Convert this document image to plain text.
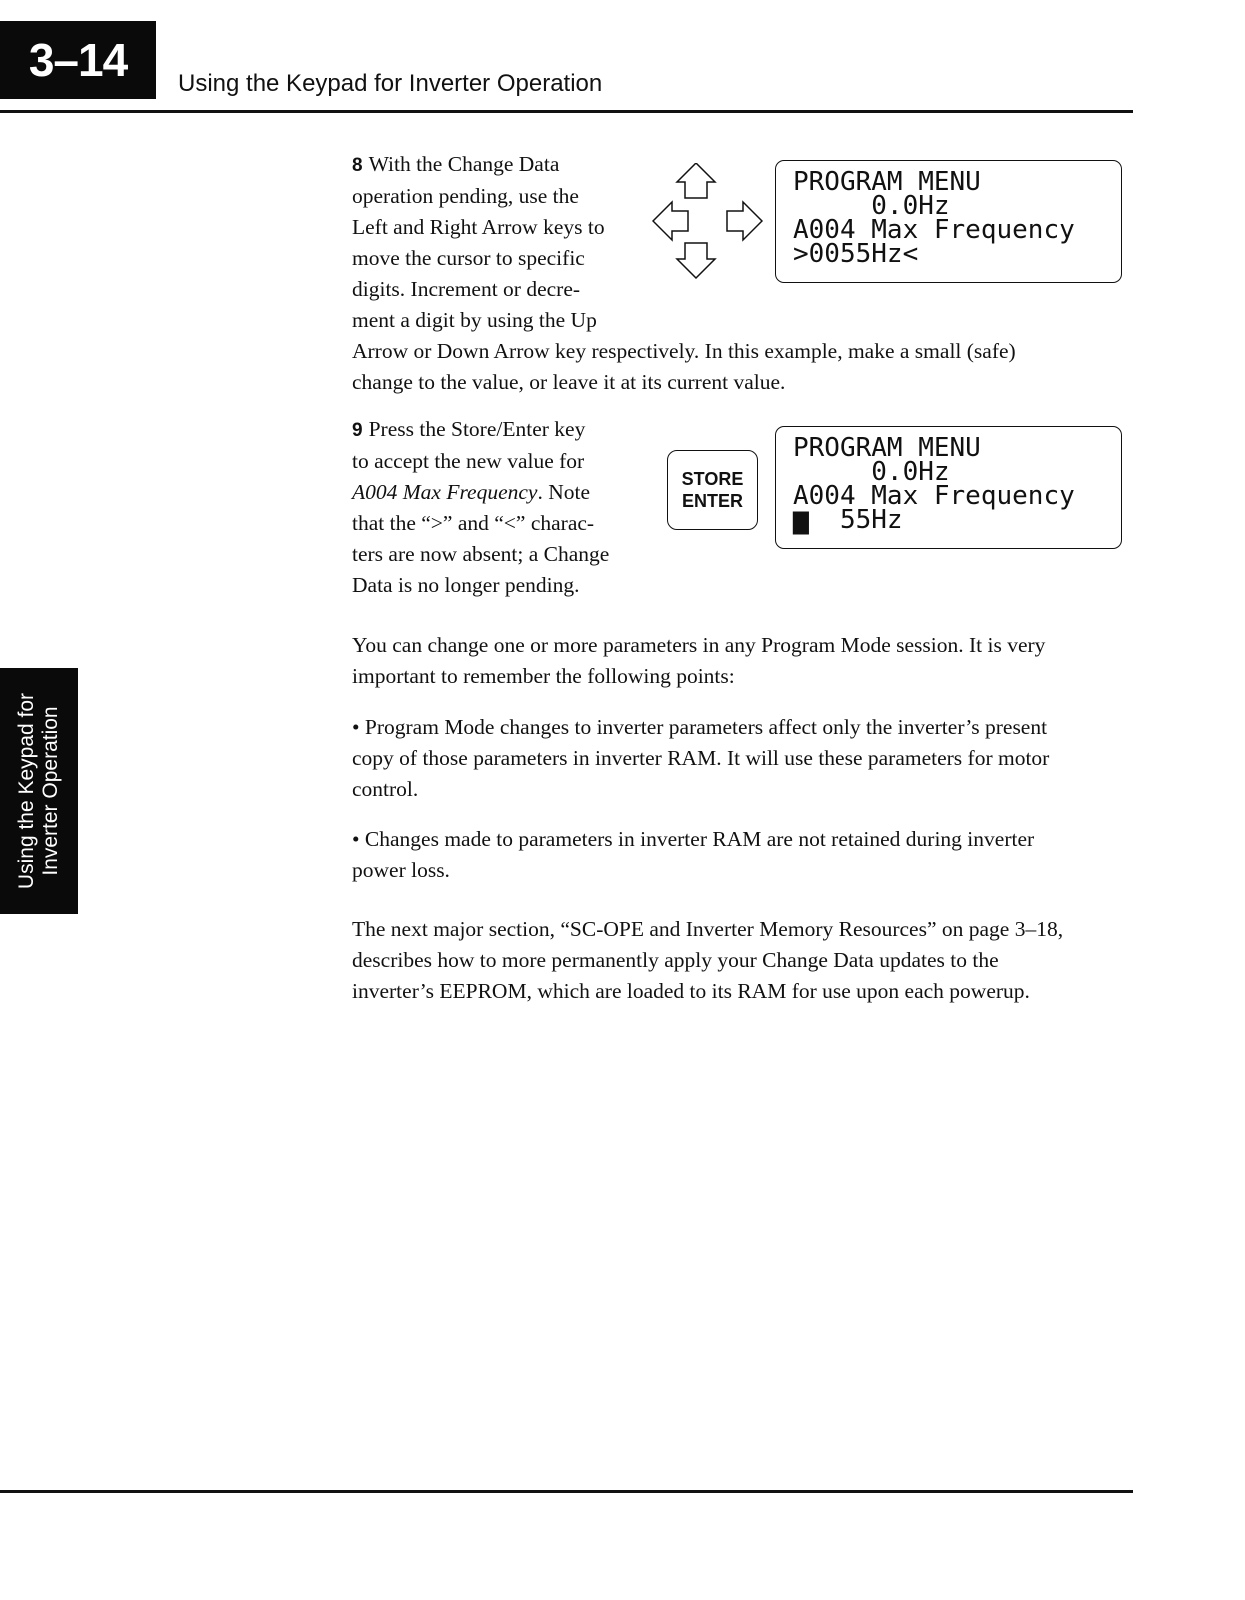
3–14	Using the Keypad for Inverter Operation
Using the Keypad for Inverter Operation
8 With the Change Data
operation pending, use the
Left and Right Arrow keys to
move the cursor to specific
digits. Increment or decre-
ment a digit by using the Up
Arrow or Down Arrow key respectively. In this example, make a small (safe)
change to the value, or leave it at its current value.
PROGRAM MENU
0.0Hz
A004 Max Frequency
>0055Hz<
9 Press the Store/Enter key
to accept the new value for
A004 Max Frequency. Note
that the “>” and “<” charac-
ters are now absent; a Change
Data is no longer pending.
STORE
ENTER
PROGRAM MENU
0.0Hz
A004 Max Frequency
▆  55Hz
You can change one or more parameters in any Program Mode session. It is very
important to remember the following points:
• Program Mode changes to inverter parameters affect only the inverter’s present
copy of those parameters in inverter RAM. It will use these parameters for motor
control.
• Changes made to parameters in inverter RAM are not retained during inverter
power loss.
The next major section, “SC-OPE and Inverter Memory Resources” on page 3–18,
describes how to more permanently apply your Change Data updates to the
inverter’s EEPROM, which are loaded to its RAM for use upon each powerup.
